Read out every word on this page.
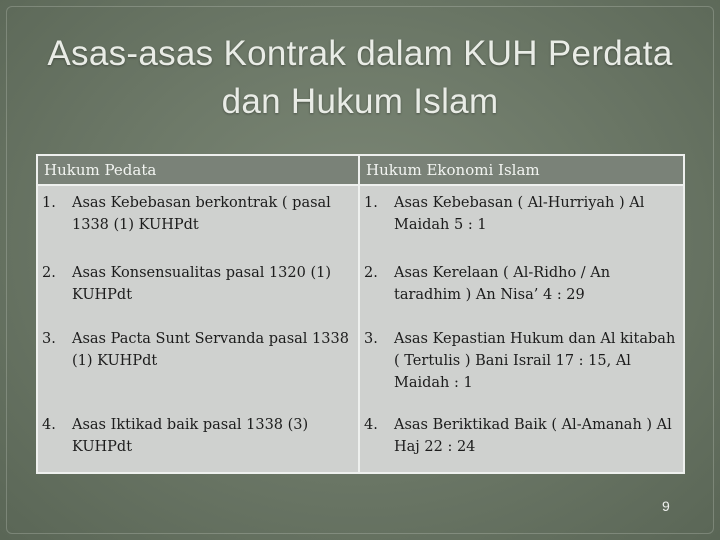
Asas-asas Kontrak dalam KUH Perdata
dan Hukum Islam
Hukum Pedata	Hukum Ekonomi Islam

1. Asas Kebebasan berkontrak ( pasal 1338 (1) KUHPdt	1. Asas Kebebasan ( Al-Hurriyah ) Al Maidah 5 : 1

2. Asas Konsensualitas pasal 1320 (1) KUHPdt	2. Asas Kerelaan ( Al-Ridho / An taradhim ) An Nisa’ 4 : 29

3. Asas Pacta Sunt Servanda pasal 1338 (1) KUHPdt	3. Asas Kepastian Hukum dan Al kitabah ( Tertulis ) Bani Israil 17 : 15, Al Maidah : 1

4. Asas Iktikad baik pasal 1338 (3) KUHPdt	4. Asas Beriktikad Baik ( Al-Amanah ) Al Haj 22 : 24
9
